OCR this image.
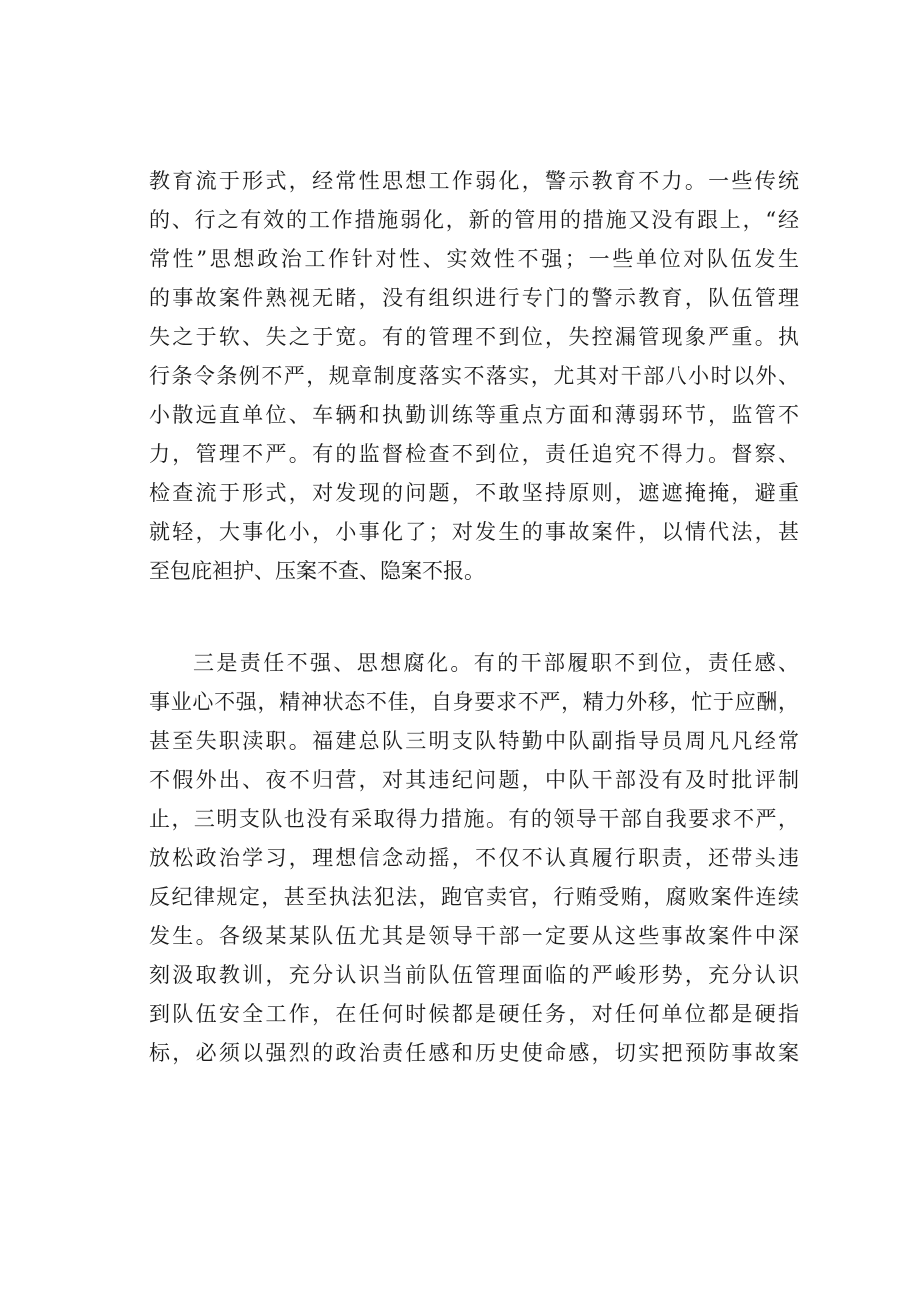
教育流于形式，经常性思想工作弱化，警示教育不力。一些传统
的、行之有效的工作措施弱化，新的管用的措施又没有跟上，“经
常性”思想政治工作针对性、实效性不强；一些单位对队伍发生
的事故案件熟视无睹，没有组织进行专门的警示教育，队伍管理
失之于软、失之于宽。有的管理不到位，失控漏管现象严重。执
行条令条例不严，规章制度落实不落实，尤其对干部八小时以外、
小散远直单位、车辆和执勤训练等重点方面和薄弱环节，监管不
力，管理不严。有的监督检查不到位，责任追究不得力。督察、
检查流于形式，对发现的问题，不敢坚持原则，遮遮掩掩，避重
就轻，大事化小，小事化了；对发生的事故案件，以情代法，甚
至包庇袒护、压案不查、隐案不报。
三是责任不强、思想腐化。有的干部履职不到位，责任感、
事业心不强，精神状态不佳，自身要求不严，精力外移，忙于应酬，
甚至失职渎职。福建总队三明支队特勤中队副指导员周凡凡经常
不假外出、夜不归营，对其违纪问题，中队干部没有及时批评制
止，三明支队也没有采取得力措施。有的领导干部自我要求不严，
放松政治学习，理想信念动摇，不仅不认真履行职责，还带头违
反纪律规定，甚至执法犯法，跑官卖官，行贿受贿，腐败案件连续
发生。各级某某队伍尤其是领导干部一定要从这些事故案件中深
刻汲取教训，充分认识当前队伍管理面临的严峻形势，充分认识
到队伍安全工作，在任何时候都是硬任务，对任何单位都是硬指
标，必须以强烈的政治责任感和历史使命感，切实把预防事故案
